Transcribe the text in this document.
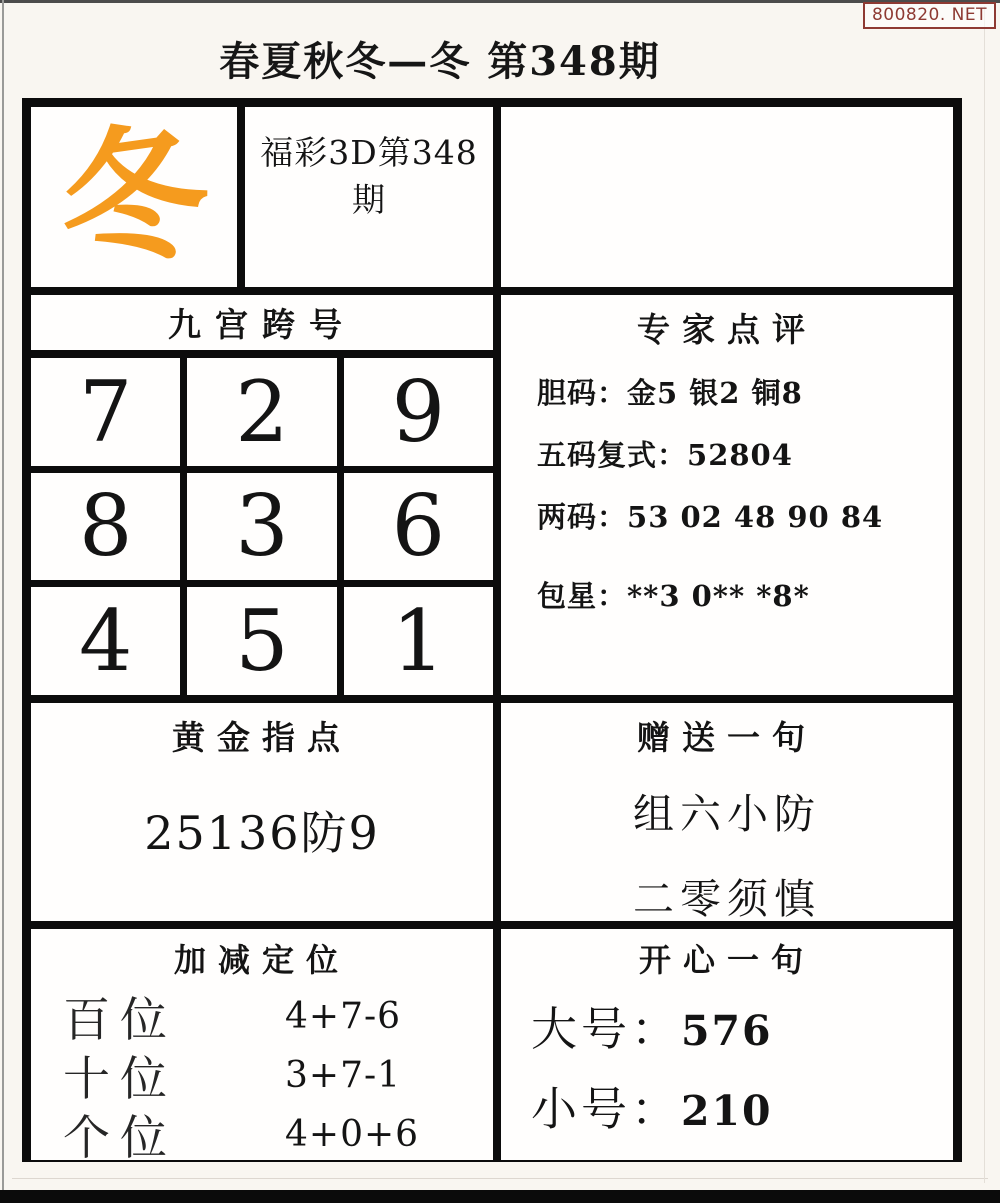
800820. NET
春夏秋冬—冬 第348期
冬	福彩3D第348期
九宫跨号
7	2	9
8	3	6
4	5	1
专家点评
胆码：金5 银2 铜8
五码复式：52804
两码：53 02 48 90 84
包星：**3 0** *8*
黄金指点
25136防9
赠送一句
组六小防
二零须慎
加减定位
百位	4+7-6
十位	3+7-1
个位	4+0+6
开心一句
大号： 576
小号： 210
